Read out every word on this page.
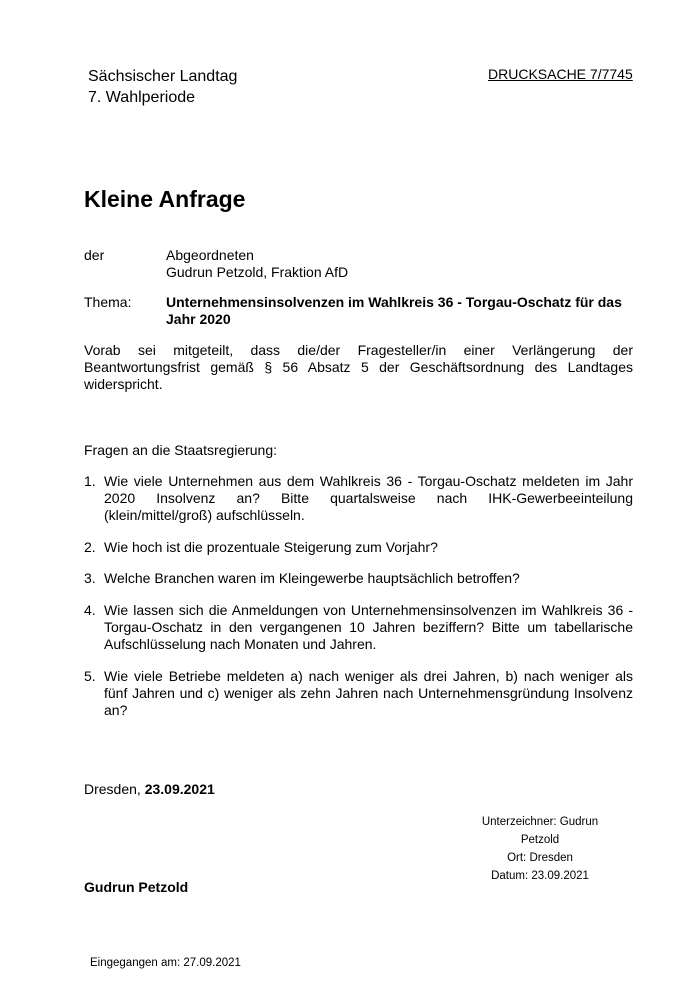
Sächsischer Landtag
7. Wahlperiode
DRUCKSACHE 7/7745
Kleine Anfrage
der	Abgeordneten
Gudrun Petzold, Fraktion AfD
Thema: Unternehmensinsolvenzen im Wahlkreis 36 - Torgau-Oschatz für das Jahr 2020
Vorab sei mitgeteilt, dass die/der Fragesteller/in einer Verlängerung der Beantwortungsfrist gemäß § 56 Absatz 5 der Geschäftsordnung des Landtages widerspricht.
Fragen an die Staatsregierung:
1. Wie viele Unternehmen aus dem Wahlkreis 36 - Torgau-Oschatz meldeten im Jahr 2020 Insolvenz an? Bitte quartalsweise nach IHK-Gewerbeeinteilung (klein/mittel/groß) aufschlüsseln.
2. Wie hoch ist die prozentuale Steigerung zum Vorjahr?
3. Welche Branchen waren im Kleingewerbe hauptsächlich betroffen?
4. Wie lassen sich die Anmeldungen von Unternehmensinsolvenzen im Wahlkreis 36 - Torgau-Oschatz in den vergangenen 10 Jahren beziffern? Bitte um tabellarische Aufschlüsselung nach Monaten und Jahren.
5. Wie viele Betriebe meldeten a) nach weniger als drei Jahren, b) nach weniger als fünf Jahren und c) weniger als zehn Jahren nach Unternehmensgründung Insolvenz an?
Dresden, 23.09.2021
Unterzeichner: Gudrun
Petzold
Ort: Dresden
Datum: 23.09.2021
Gudrun Petzold
Eingegangen am: 27.09.2021
